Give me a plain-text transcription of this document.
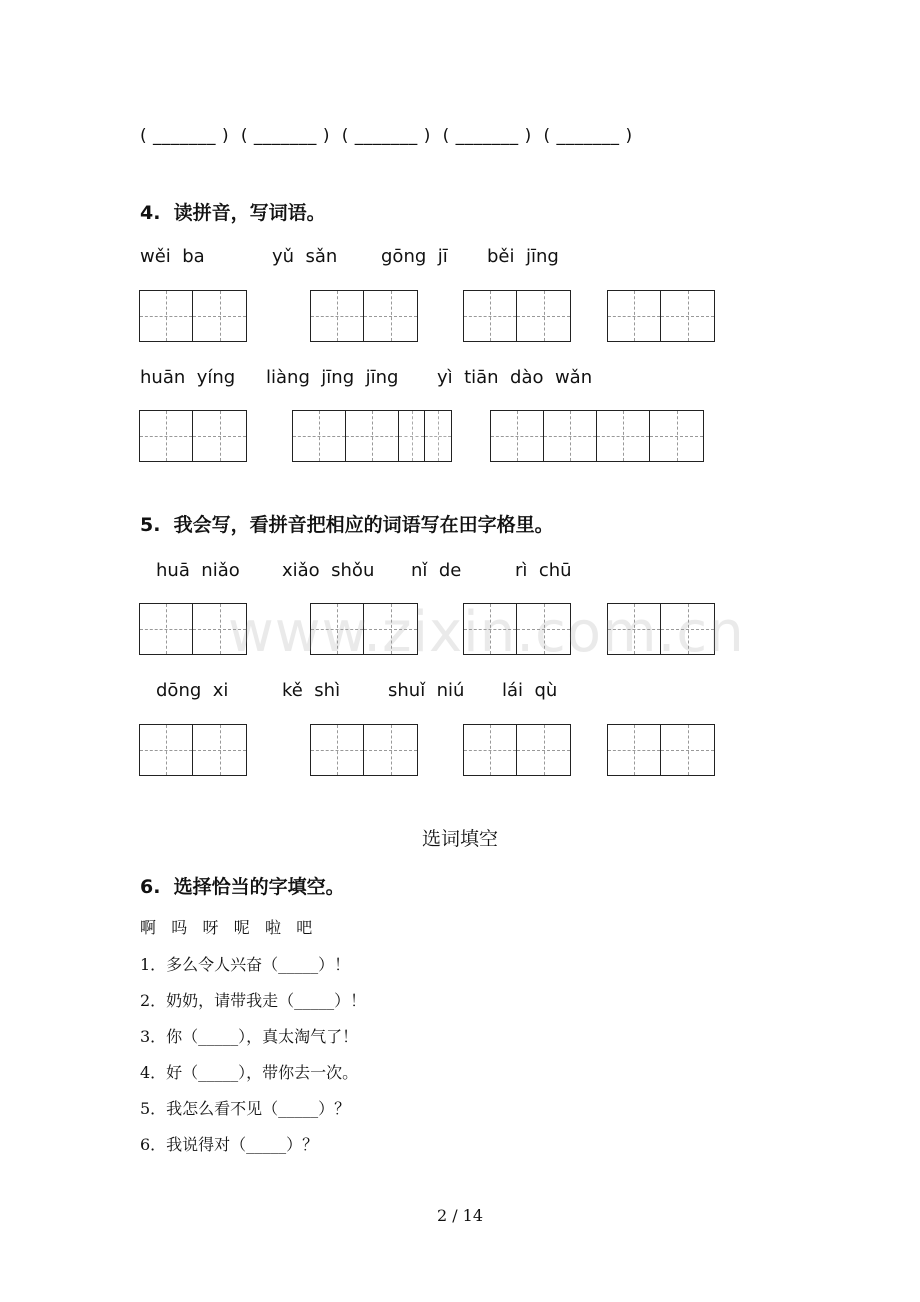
( _______ )  ( _______ )  ( _______ )  ( _______ )  ( _______ )
4.  读拼音，写词语。
wěi  ba	yǔ  sǎn gōng  jī běi  jīng
huān  yíng liàng  jīng  jīng yì  tiān  dào  wǎn
5.  我会写，看拼音把相应的词语写在田字格里。
huā  niǎo xiǎo  shǒu nǐ  de	rì  chū
dōng  xi	kě  shì	shuǐ  niú lái  qù
www.zixin.com.cn
选词填空
6.  选择恰当的字填空。
啊   吗   呀   呢   啦   吧
1．多么令人兴奋（_____）！
2．奶奶，请带我走（_____）！
3．你（_____），真太淘气了！
4．好（_____），带你去一次。
5．我怎么看不见（_____）？
6．我说得对（_____）？
2 / 14
